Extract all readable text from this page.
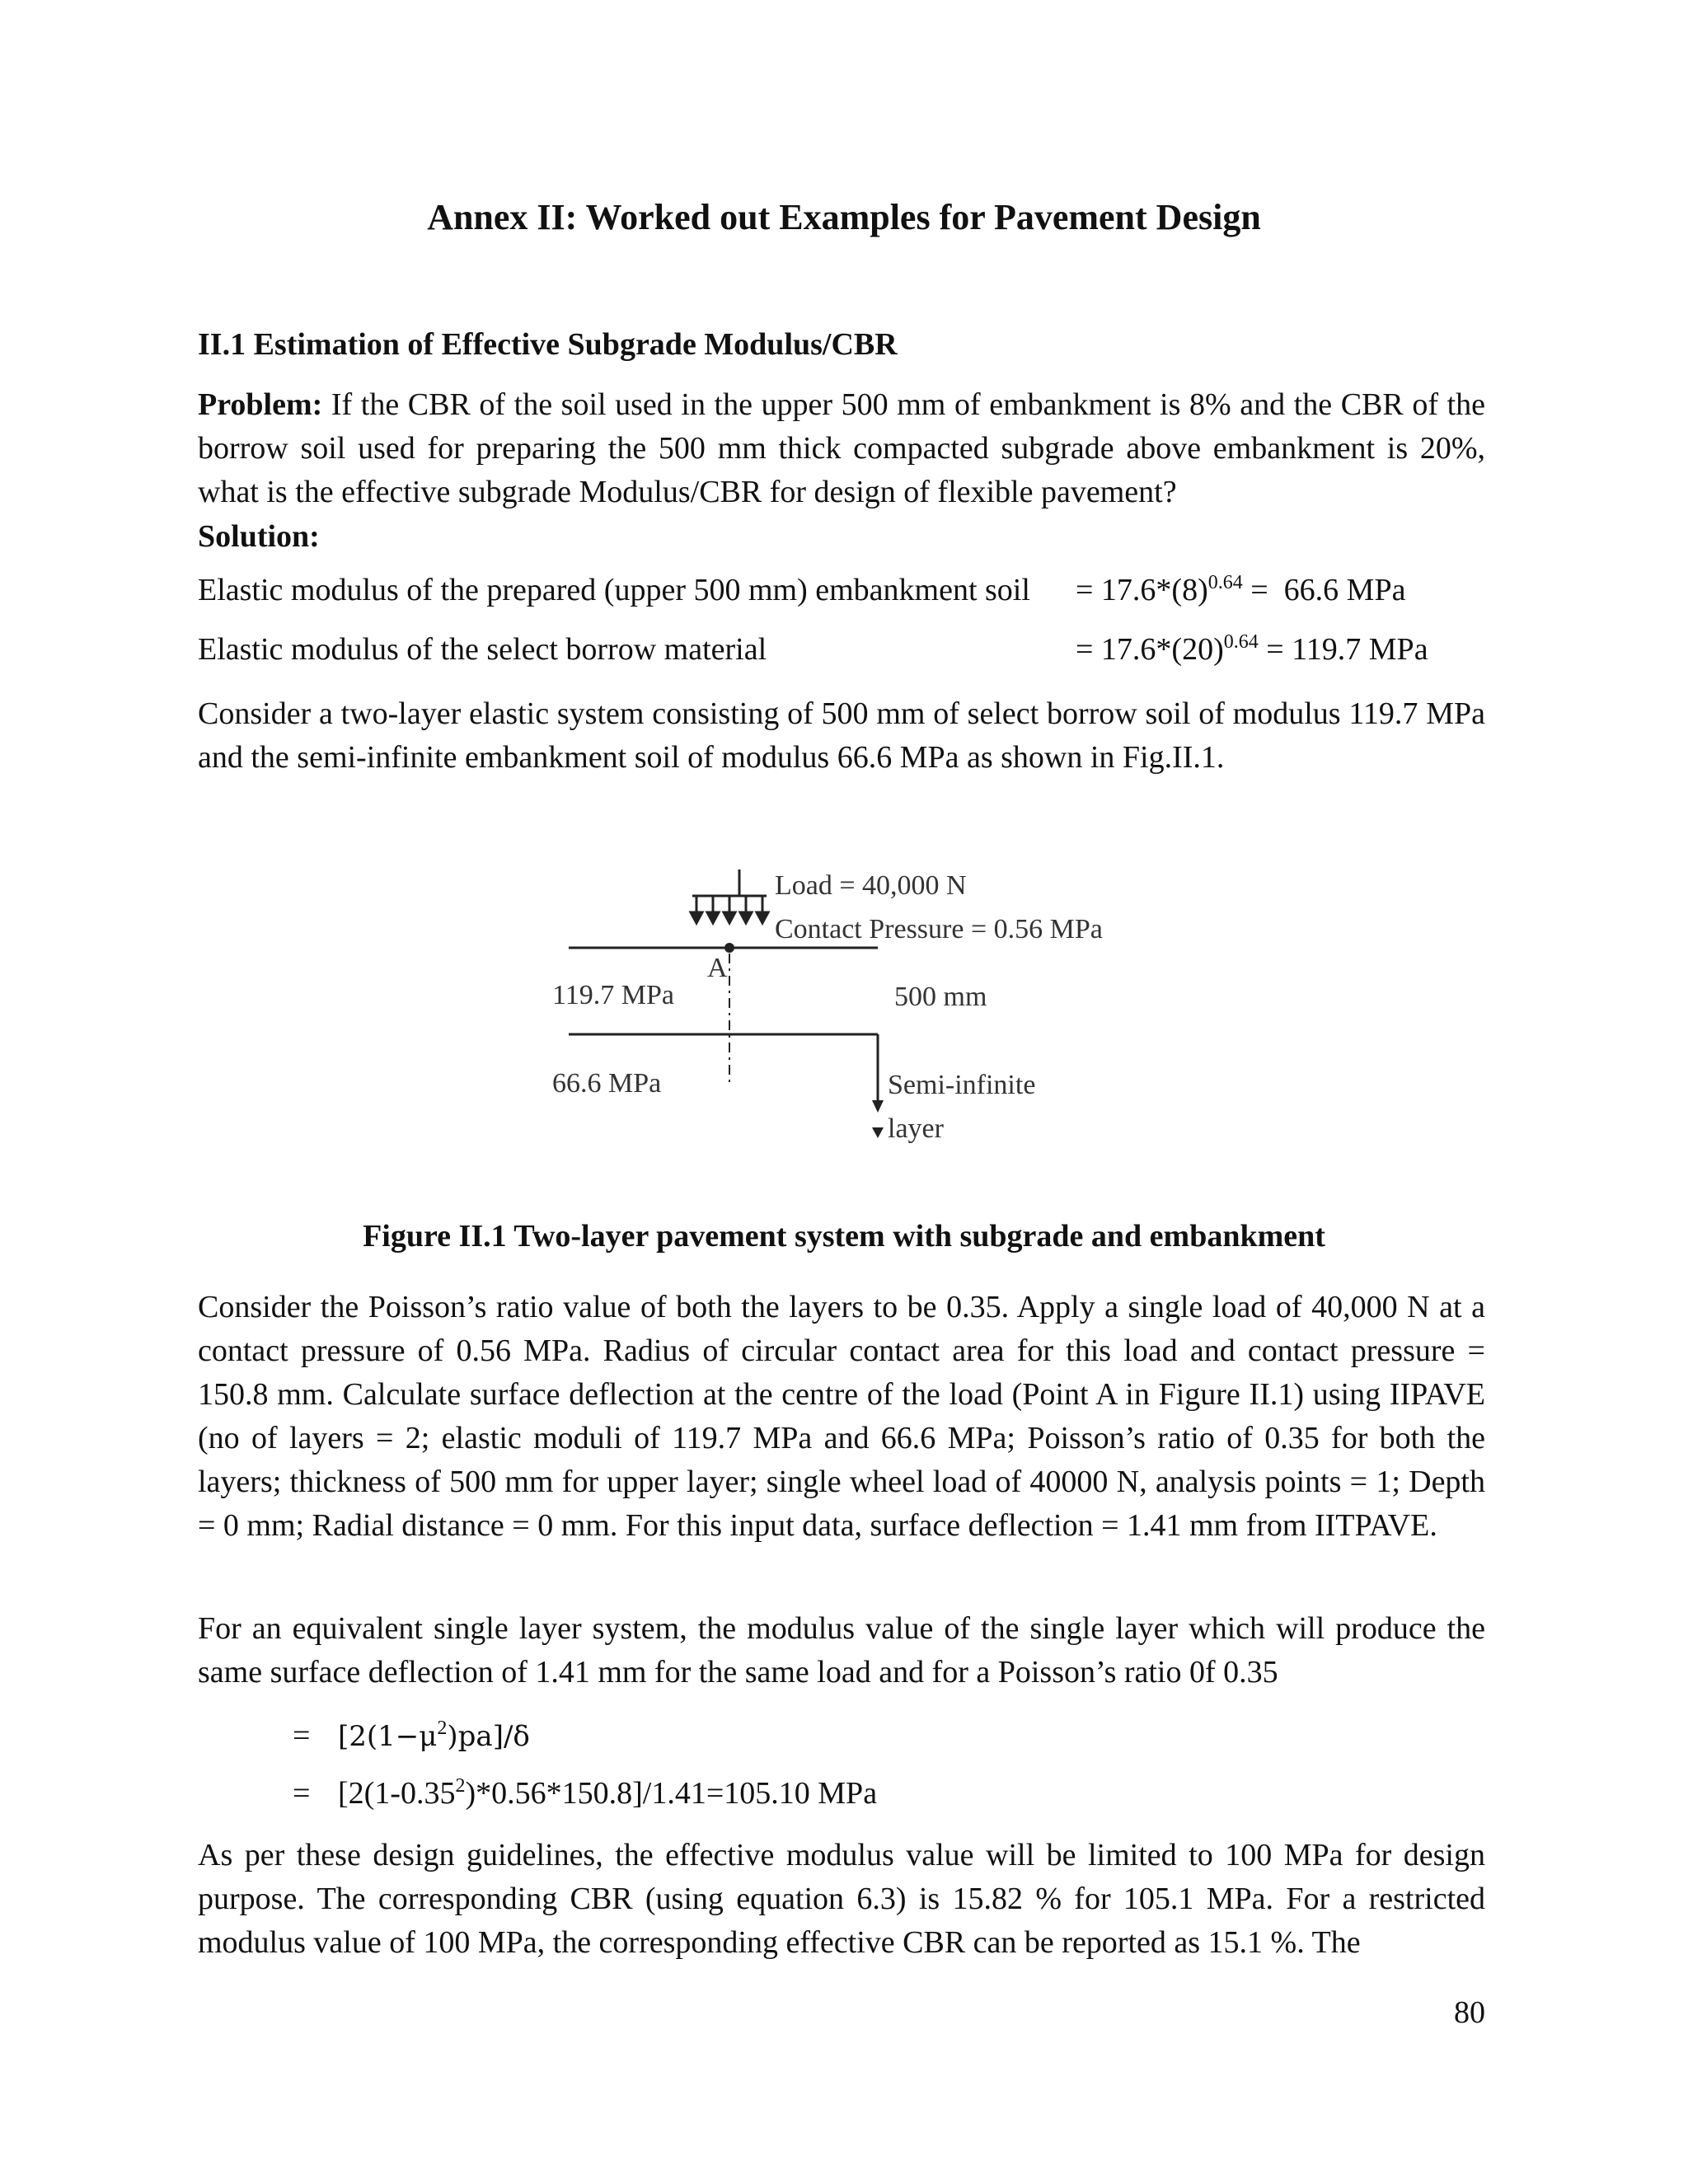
Annex II: Worked out Examples for Pavement Design
II.1 Estimation of Effective Subgrade Modulus/CBR
Problem: If the CBR of the soil used in the upper 500 mm of embankment is 8% and the CBR of the borrow soil used for preparing the 500 mm thick compacted subgrade above embankment is 20%, what is the effective subgrade Modulus/CBR for design of flexible pavement?
Solution:
Elastic modulus of the prepared (upper 500 mm) embankment soil = $17.6*(8)^{0.64} = 66.6$ MPa
Elastic modulus of the select borrow material	= $17.6*(20)^{0.64} = 119.7$ MPa
Consider a two-layer elastic system consisting of 500 mm of select borrow soil of modulus 119.7 MPa and the semi-infinite embankment soil of modulus 66.6 MPa as shown in Fig.II.1.
Load = 40,000 N
Contact Pressure = 0.56 MPa
A
119.7 MPa	500 mm
66.6 MPa	Semi-infinite
layer
Figure II.1 Two-layer pavement system with subgrade and embankment
Consider the Poisson’s ratio value of both the layers to be 0.35. Apply a single load of 40,000 N at a contact pressure of 0.56 MPa. Radius of circular contact area for this load and contact pressure = 150.8 mm. Calculate surface deflection at the centre of the load (Point A in Figure II.1) using IIPAVE (no of layers = 2; elastic moduli of 119.7 MPa and 66.6 MPa; Poisson’s ratio of 0.35 for both the layers; thickness of 500 mm for upper layer; single wheel load of 40000 N, analysis points = 1; Depth = 0 mm; Radial distance = 0 mm. For this input data, surface deflection = 1.41 mm from IITPAVE.
For an equivalent single layer system, the modulus value of the single layer which will produce the same surface deflection of 1.41 mm for the same load and for a Poisson’s ratio 0f 0.35
= $[2(1-\mu^2)pa]/\delta$
= $[2(1-0.35^2)*0.56*150.8]/1.41=105.10$ MPa
As per these design guidelines, the effective modulus value will be limited to 100 MPa for design purpose. The corresponding CBR (using equation 6.3) is 15.82 % for 105.1 MPa. For a restricted modulus value of 100 MPa, the corresponding effective CBR can be reported as 15.1 %. The
80
